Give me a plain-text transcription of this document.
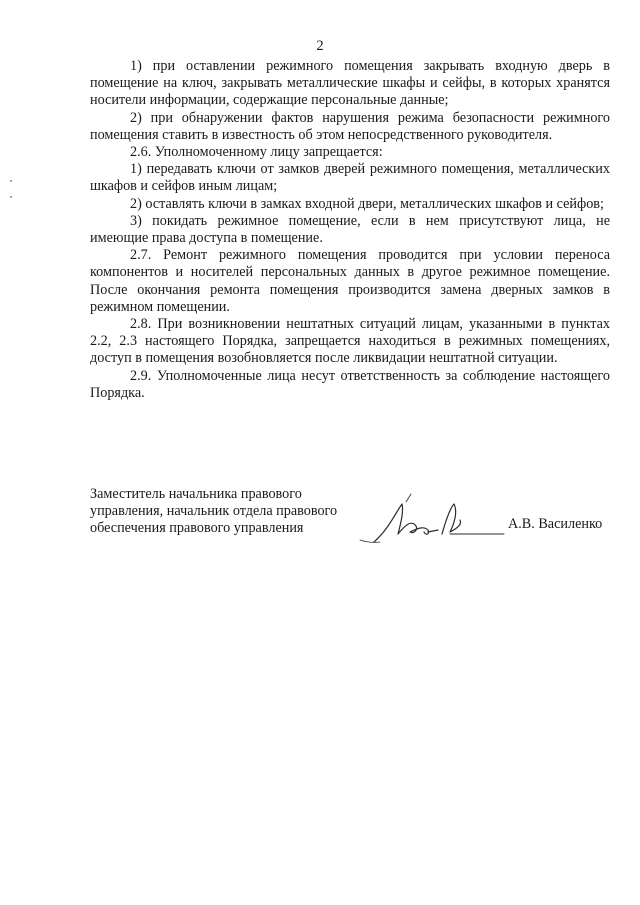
2

1) при оставлении режимного помещения закрывать входную дверь в помещение на ключ, закрывать металлические шкафы и сейфы, в которых хранятся носители информации, содержащие персональные данные;

2) при обнаружении фактов нарушения режима безопасности режимного помещения ставить в известность об этом непосредственного руководителя.

2.6. Уполномоченному лицу запрещается:

1) передавать ключи от замков дверей режимного помещения, металлических шкафов и сейфов иным лицам;

2) оставлять ключи в замках входной двери, металлических шкафов и сейфов;

3) покидать режимное помещение, если в нем присутствуют лица, не имеющие права доступа в помещение.

2.7. Ремонт режимного помещения проводится при условии переноса компонентов и носителей персональных данных в другое режимное помещение. После окончания ремонта помещения производится замена дверных замков в режимном помещении.

2.8. При возникновении нештатных ситуаций лицам, указанными в пунктах 2.2, 2.3 настоящего Порядка, запрещается находиться в режимных помещениях, доступ в помещения возобновляется после ликвидации нештатной ситуации.

2.9. Уполномоченные лица несут ответственность за соблюдение настоящего Порядка.

Заместитель начальника правового
управления, начальник отдела правового
обеспечения правового управления	А.В. Василенко
